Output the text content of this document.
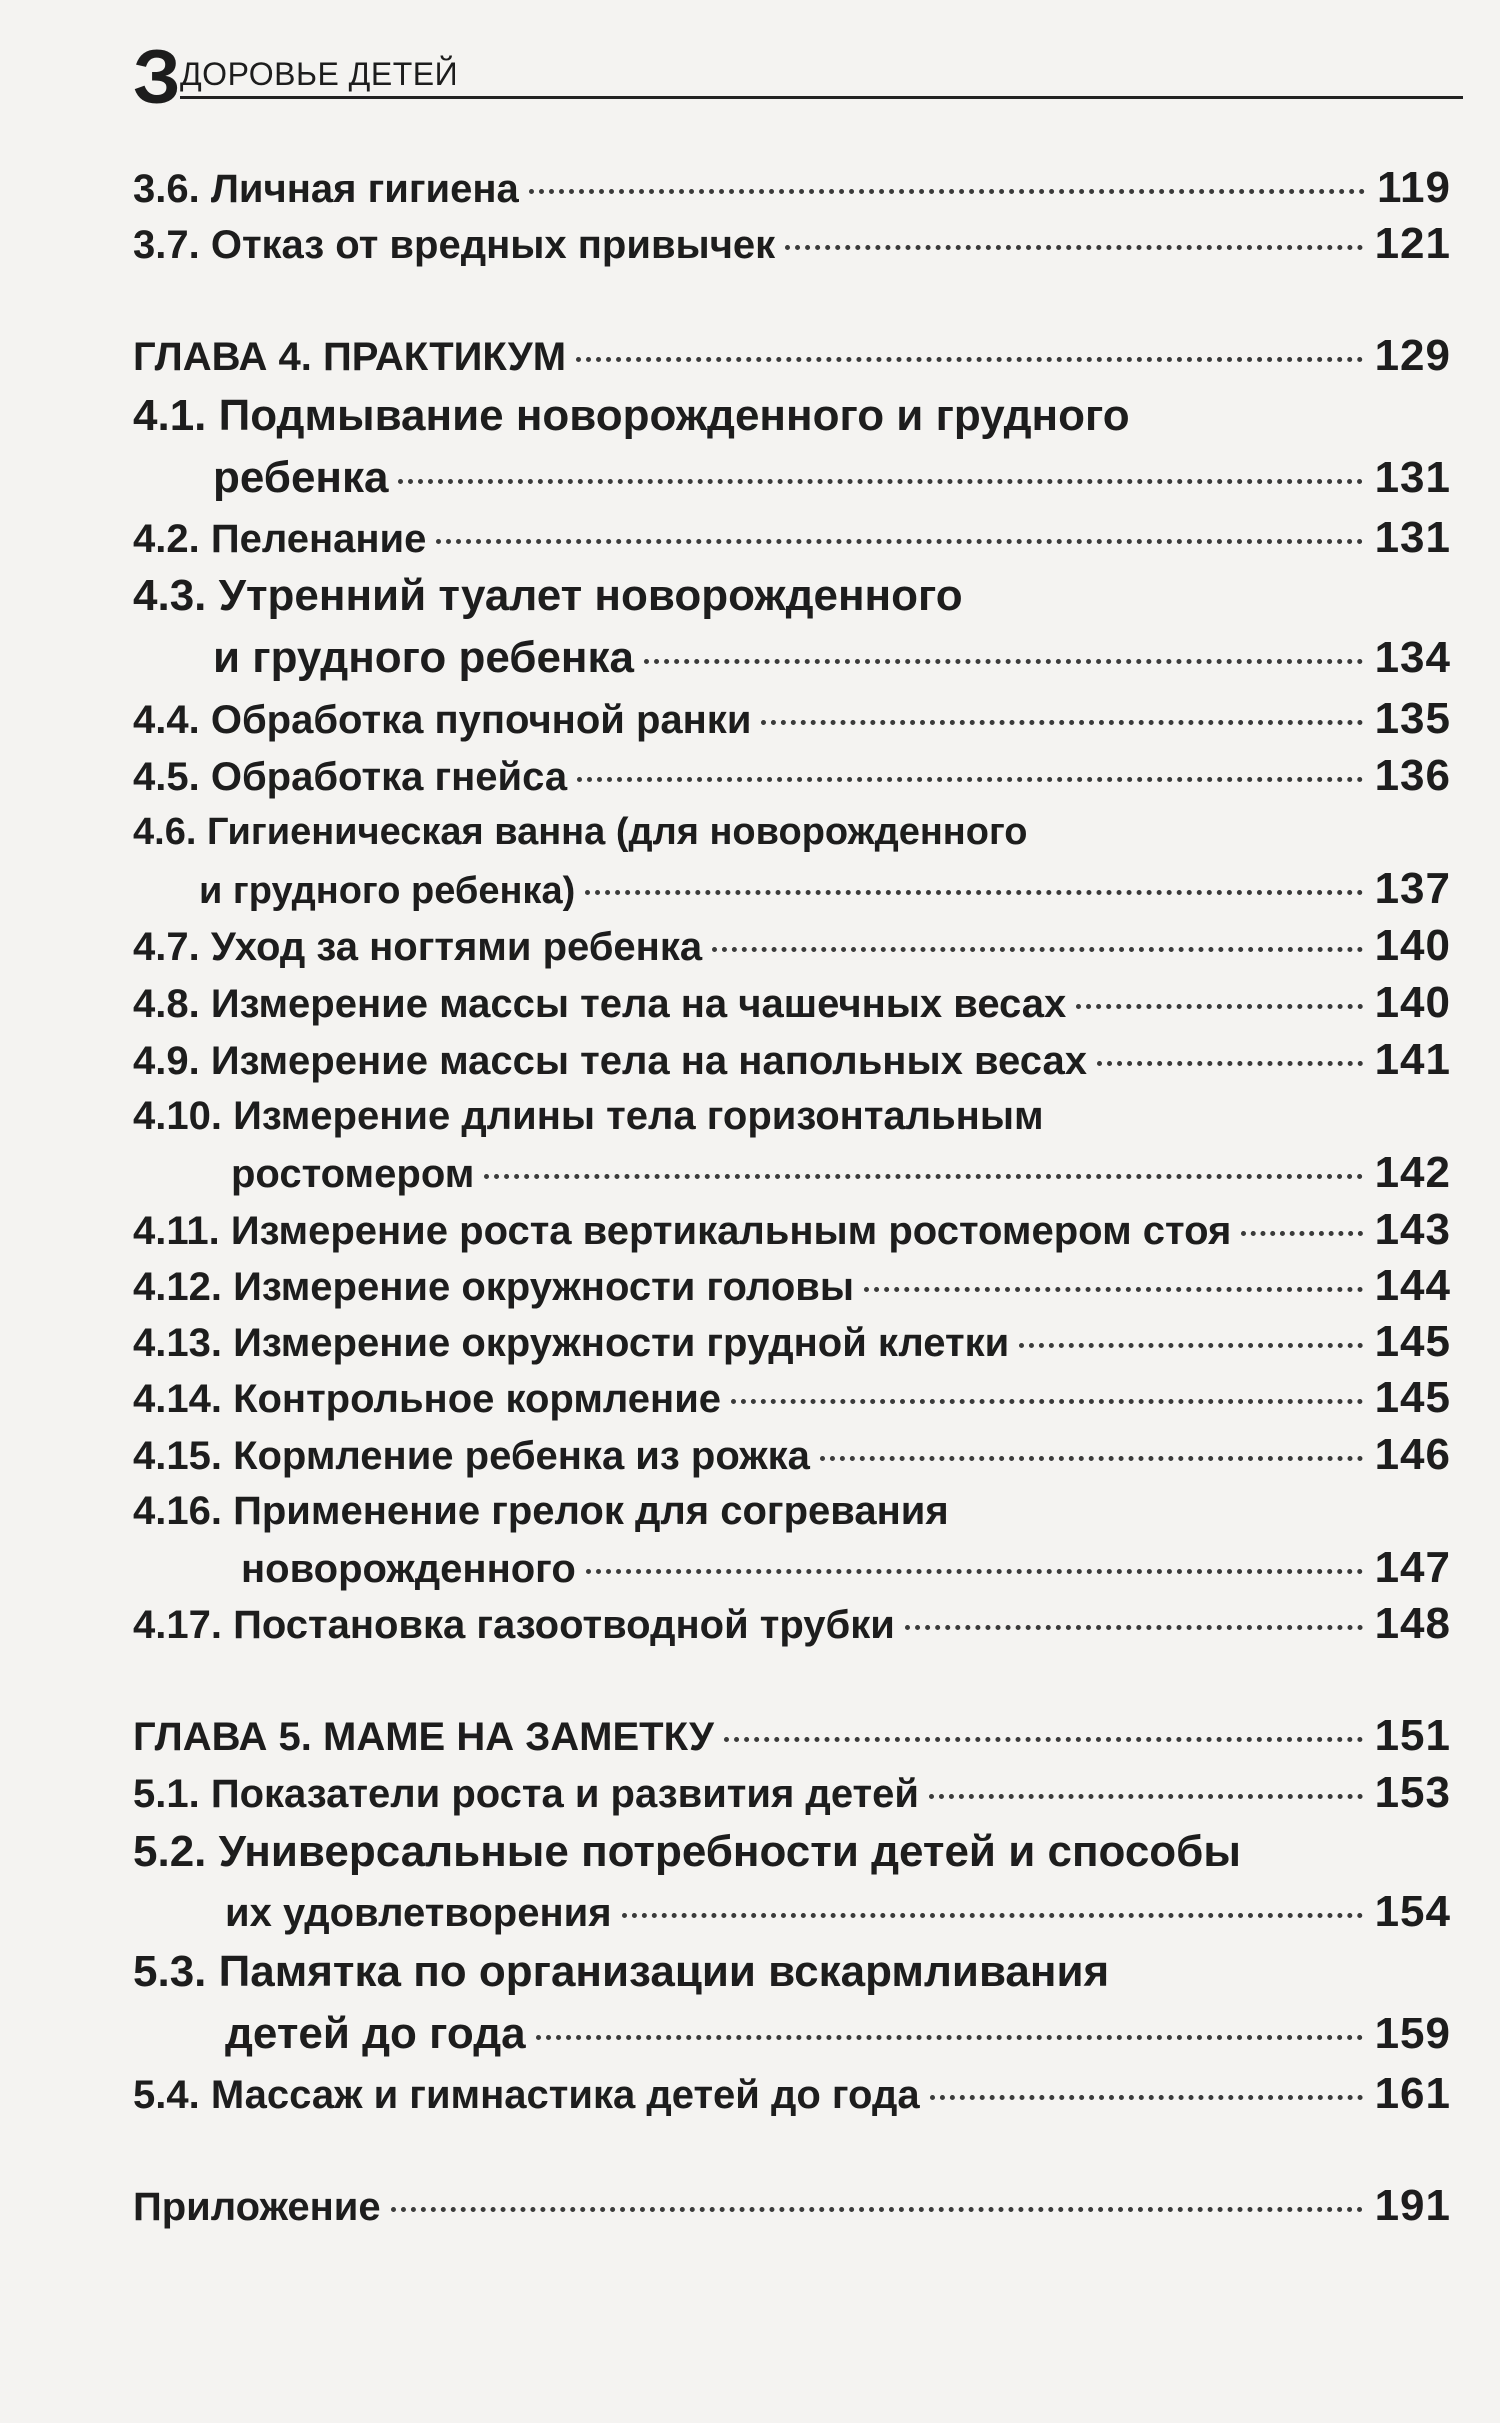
З ДОРОВЬЕ ДЕТЕЙ
3.6. Личная гигиена	119
3.7. Отказ от вредных привычек	121
ГЛАВА 4. ПРАКТИКУМ	129
4.1. Подмывание новорожденного и грудного
ребенка	131
4.2. Пеленание	131
4.3. Утренний туалет новорожденного
и грудного ребенка	134
4.4. Обработка пупочной ранки	135
4.5. Обработка гнейса	136
4.6. Гигиеническая ванна (для новорожденного
и грудного ребенка)	137
4.7. Уход за ногтями ребенка	140
4.8. Измерение массы тела на чашечных весах	140
4.9. Измерение массы тела на напольных весах	141
4.10. Измерение длины тела горизонтальным
ростомером	142
4.11. Измерение роста вертикальным ростомером стоя	143
4.12. Измерение окружности головы	144
4.13. Измерение окружности грудной клетки	145
4.14. Контрольное кормление	145
4.15. Кормление ребенка из рожка	146
4.16. Применение грелок для согревания
новорожденного	147
4.17. Постановка газоотводной трубки	148
ГЛАВА 5. МАМЕ НА ЗАМЕТКУ	151
5.1. Показатели роста и развития детей	153
5.2. Универсальные потребности детей и способы
их удовлетворения	154
5.3. Памятка по организации вскармливания
детей до года	159
5.4. Массаж и гимнастика детей до года	161
Приложение	191
